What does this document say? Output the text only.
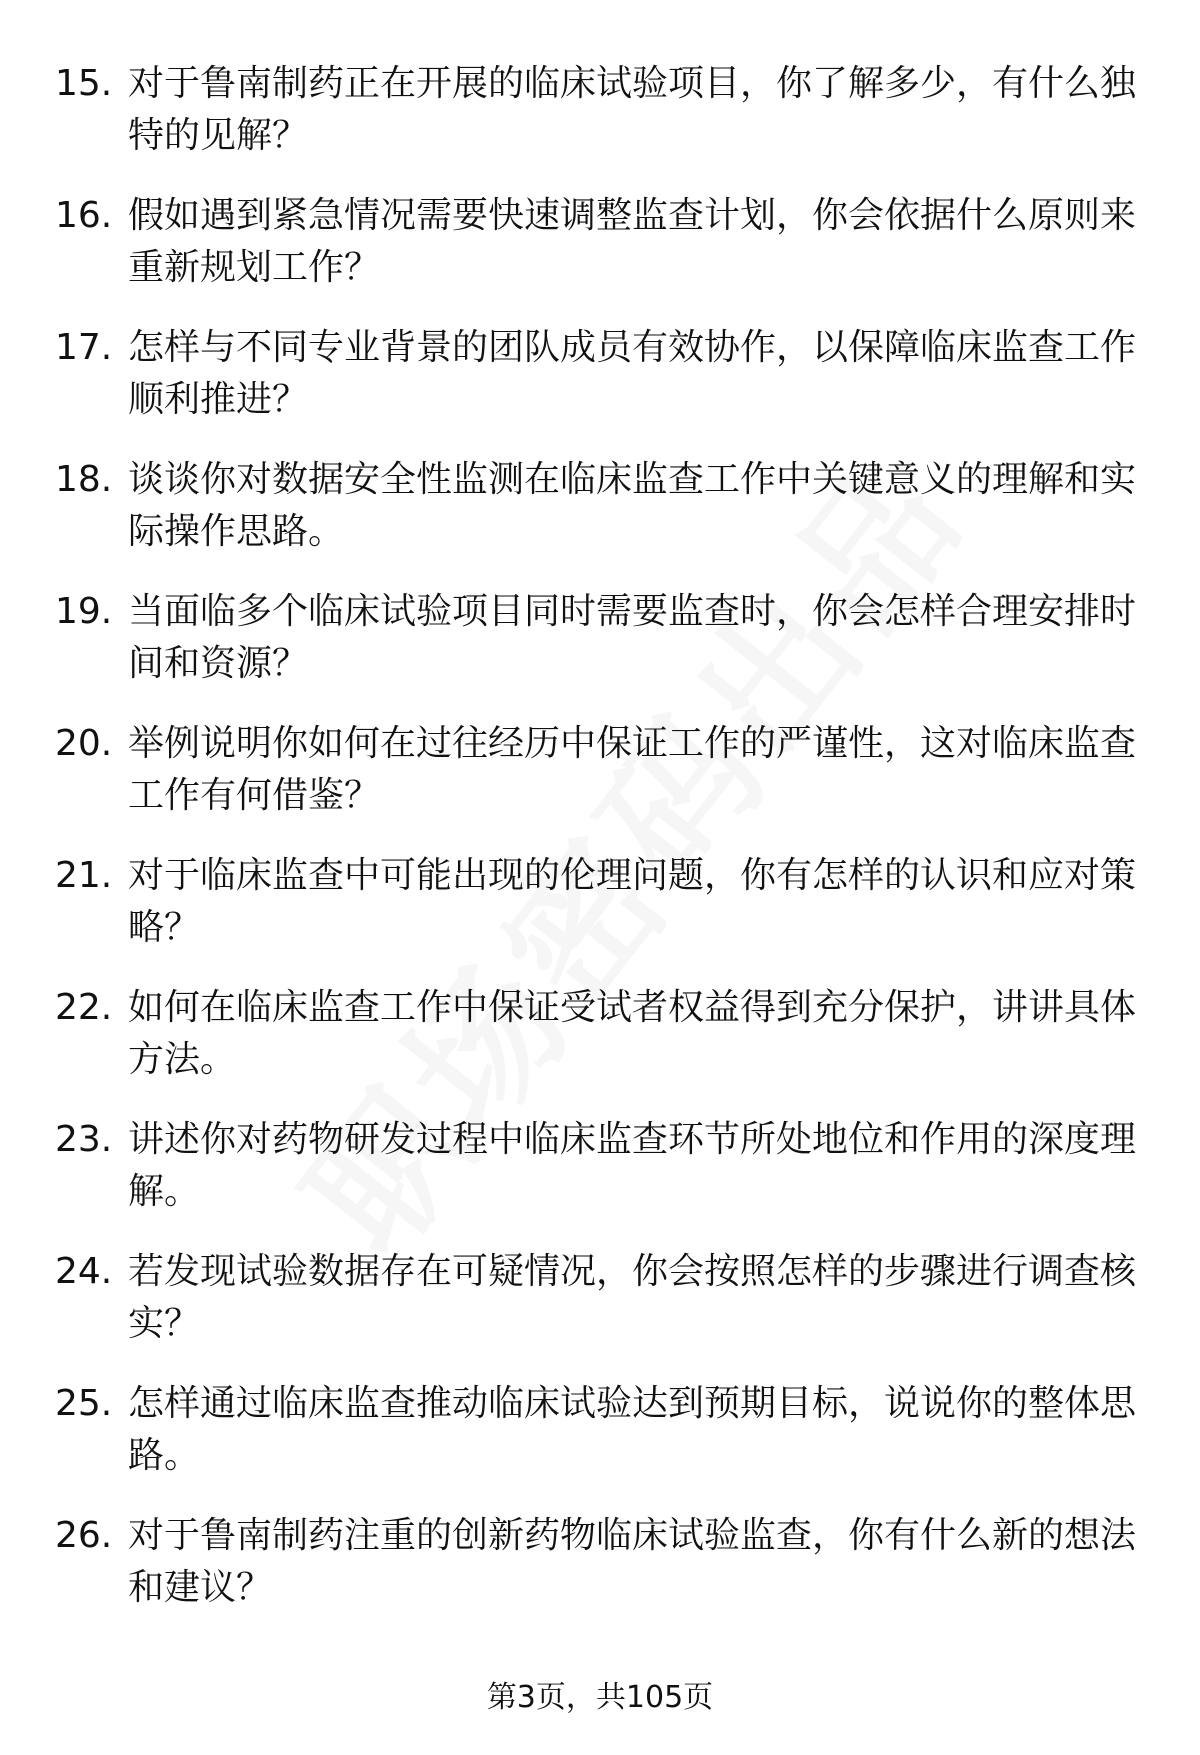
15. 对于鲁南制药正在开展的临床试验项目，你了解多少，有什么独特的见解？
16. 假如遇到紧急情况需要快速调整监查计划，你会依据什么原则来重新规划工作？
17. 怎样与不同专业背景的团队成员有效协作，以保障临床监查工作顺利推进？
18. 谈谈你对数据安全性监测在临床监查工作中关键意义的理解和实际操作思路。
19. 当面临多个临床试验项目同时需要监查时，你会怎样合理安排时间和资源？
20. 举例说明你如何在过往经历中保证工作的严谨性，这对临床监查工作有何借鉴？
21. 对于临床监查中可能出现的伦理问题，你有怎样的认识和应对策略？
22. 如何在临床监查工作中保证受试者权益得到充分保护，讲讲具体方法。
23. 讲述你对药物研发过程中临床监查环节所处地位和作用的深度理解。
24. 若发现试验数据存在可疑情况，你会按照怎样的步骤进行调查核实？
25. 怎样通过临床监查推动临床试验达到预期目标，说说你的整体思路。
26. 对于鲁南制药注重的创新药物临床试验监查，你有什么新的想法和建议？
第3页，共105页
